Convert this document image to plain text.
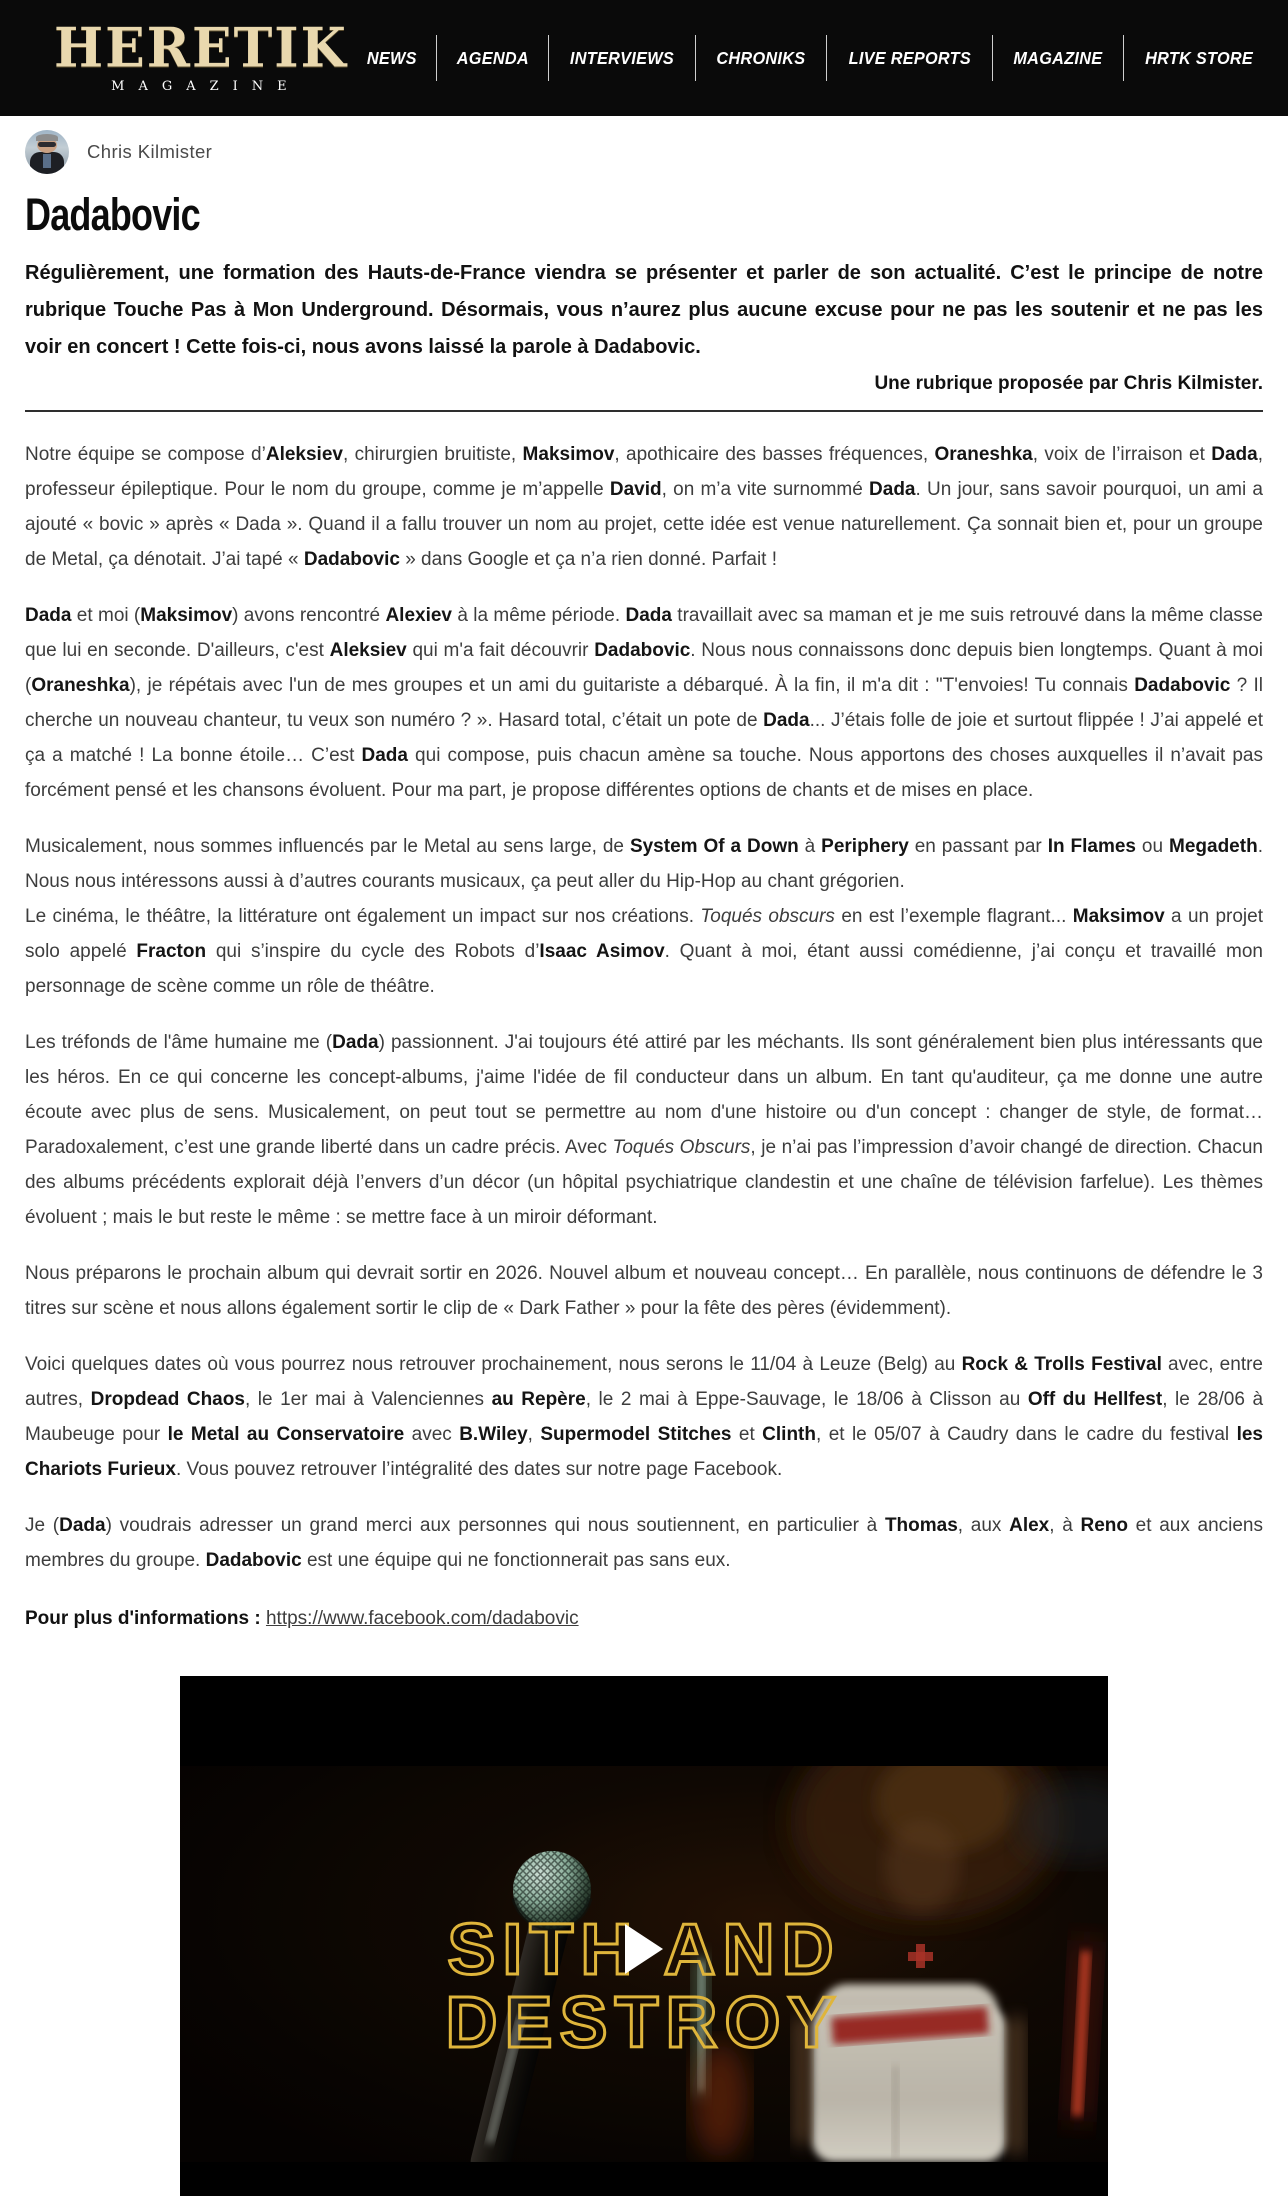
HERETIK
MAGAZINE
NEWS	AGENDA	INTERVIEWS	CHRONIKS	LIVE REPORTS	MAGAZINE	HRTK STORE
Chris Kilmister
Dadabovic

Régulièrement, une formation des Hauts-de-France viendra se présenter et parler de son actualité. C’est le principe de notre rubrique Touche Pas à Mon Underground. Désormais, vous n’aurez plus aucune excuse pour ne pas les soutenir et ne pas les voir en concert ! Cette fois-ci, nous avons laissé la parole à Dadabovic.

Une rubrique proposée par Chris Kilmister.

Notre équipe se compose d’Aleksiev, chirurgien bruitiste, Maksimov, apothicaire des basses fréquences, Oraneshka, voix de l’irraison et Dada, professeur épileptique. Pour le nom du groupe, comme je m’appelle David, on m’a vite surnommé Dada. Un jour, sans savoir pourquoi, un ami a ajouté « bovic » après « Dada ». Quand il a fallu trouver un nom au projet, cette idée est venue naturellement. Ça sonnait bien et, pour un groupe de Metal, ça dénotait. J’ai tapé « Dadabovic » dans Google et ça n’a rien donné. Parfait !

Dada et moi (Maksimov) avons rencontré Alexiev à la même période. Dada travaillait avec sa maman et je me suis retrouvé dans la même classe que lui en seconde. D'ailleurs, c'est Aleksiev qui m'a fait découvrir Dadabovic. Nous nous connaissons donc depuis bien longtemps. Quant à moi (Oraneshka), je répétais avec l'un de mes groupes et un ami du guitariste a débarqué. À la fin, il m'a dit : "T'envoies! Tu connais Dadabovic ? Il cherche un nouveau chanteur, tu veux son numéro ? ». Hasard total, c’était un pote de Dada... J’étais folle de joie et surtout flippée ! J’ai appelé et ça a matché ! La bonne étoile… C’est Dada qui compose, puis chacun amène sa touche. Nous apportons des choses auxquelles il n’avait pas forcément pensé et les chansons évoluent. Pour ma part, je propose différentes options de chants et de mises en place.

Musicalement, nous sommes influencés par le Metal au sens large, de System Of a Down à Periphery en passant par In Flames ou Megadeth. Nous nous intéressons aussi à d’autres courants musicaux, ça peut aller du Hip-Hop au chant grégorien.
Le cinéma, le théâtre, la littérature ont également un impact sur nos créations. Toqués obscurs en est l’exemple flagrant... Maksimov a un projet solo appelé Fracton qui s’inspire du cycle des Robots d’Isaac Asimov. Quant à moi, étant aussi comédienne, j’ai conçu et travaillé mon personnage de scène comme un rôle de théâtre.

Les tréfonds de l'âme humaine me (Dada) passionnent. J'ai toujours été attiré par les méchants. Ils sont généralement bien plus intéressants que les héros. En ce qui concerne les concept-albums, j'aime l'idée de fil conducteur dans un album. En tant qu'auditeur, ça me donne une autre écoute avec plus de sens. Musicalement, on peut tout se permettre au nom d'une histoire ou d'un concept : changer de style, de format… Paradoxalement, c’est une grande liberté dans un cadre précis. Avec Toqués Obscurs, je n’ai pas l’impression d’avoir changé de direction. Chacun des albums précédents explorait déjà l’envers d’un décor (un hôpital psychiatrique clandestin et une chaîne de télévision farfelue). Les thèmes évoluent ; mais le but reste le même : se mettre face à un miroir déformant.

Nous préparons le prochain album qui devrait sortir en 2026. Nouvel album et nouveau concept… En parallèle, nous continuons de défendre le 3 titres sur scène et nous allons également sortir le clip de « Dark Father » pour la fête des pères (évidemment).

Voici quelques dates où vous pourrez nous retrouver prochainement, nous serons le 11/04 à Leuze (Belg) au Rock & Trolls Festival avec, entre autres, Dropdead Chaos, le 1er mai à Valenciennes au Repère, le 2 mai à Eppe-Sauvage, le 18/06 à Clisson au Off du Hellfest, le 28/06 à Maubeuge pour le Metal au Conservatoire avec B.Wiley, Supermodel Stitches et Clinth, et le 05/07 à Caudry dans le cadre du festival les Chariots Furieux. Vous pouvez retrouver l’intégralité des dates sur notre page Facebook.

Je (Dada) voudrais adresser un grand merci aux personnes qui nous soutiennent, en particulier à Thomas, aux Alex, à Reno et aux anciens membres du groupe. Dadabovic est une équipe qui ne fonctionnerait pas sans eux.

Pour plus d'informations : https://www.facebook.com/dadabovic

SITH AND
DESTROY
